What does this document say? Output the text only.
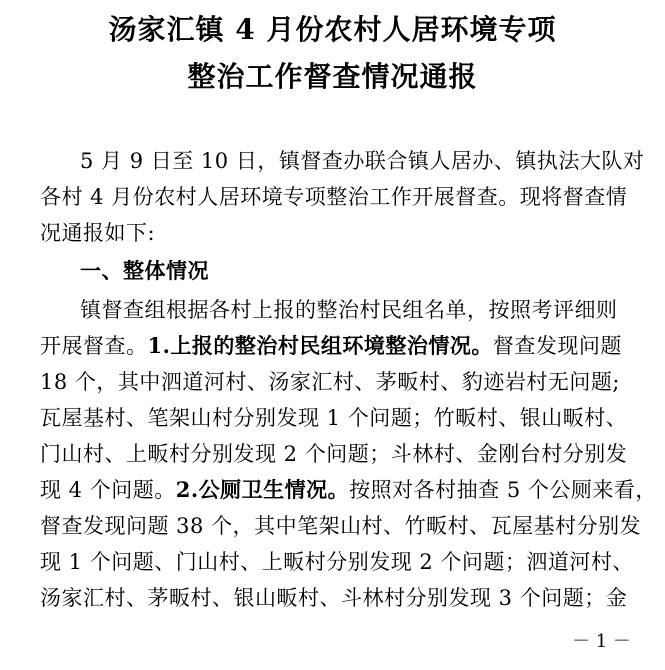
汤家汇镇 4 月份农村人居环境专项
整治工作督查情况通报
5 月 9 日至 10 日，镇督查办联合镇人居办、镇执法大队对
各村 4 月份农村人居环境专项整治工作开展督查。现将督查情
况通报如下:
一、整体情况
镇督查组根据各村上报的整治村民组名单，按照考评细则
开展督查。1.上报的整治村民组环境整治情况。督查发现问题
18 个，其中泗道河村、汤家汇村、茅畈村、豹迹岩村无问题;
瓦屋基村、笔架山村分别发现 1 个问题；竹畈村、银山畈村、
门山村、上畈村分别发现 2 个问题；斗林村、金刚台村分别发
现 4 个问题。2.公厕卫生情况。按照对各村抽查 5 个公厕来看，
督查发现问题 38 个，其中笔架山村、竹畈村、瓦屋基村分别发
现 1 个问题、门山村、上畈村分别发现 2 个问题；泗道河村、
汤家汇村、茅畈村、银山畈村、斗林村分别发现 3 个问题；金
－ 1 －
